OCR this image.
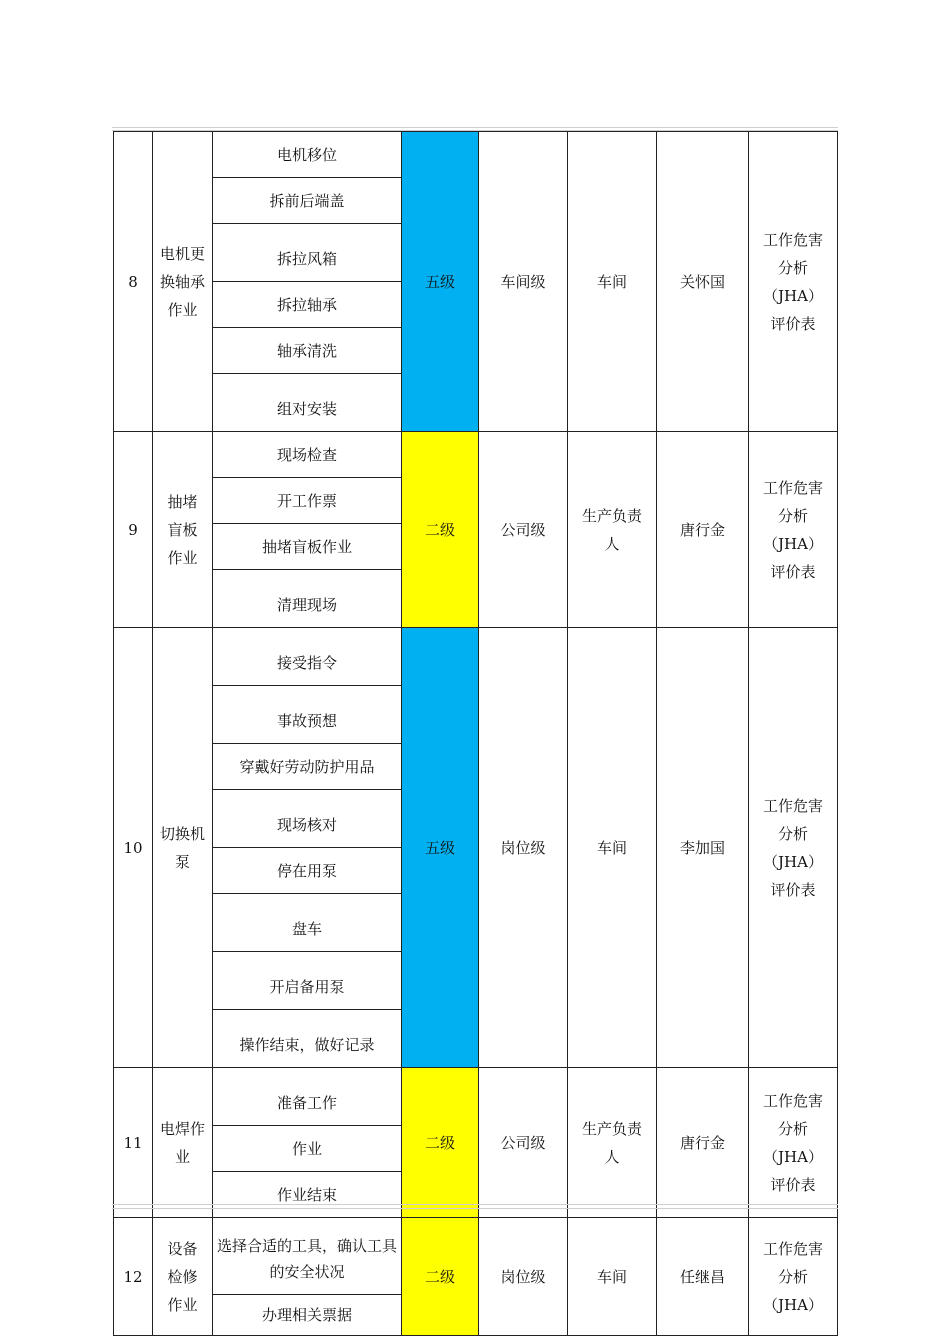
8	电机更
换轴承
作业	电机移位	五级	车间级	车间	关怀国	工作危害
分析
（JHA）
评价表
		拆前后端盖					
		拆拉风箱					
		拆拉轴承					
		轴承清洗					
		组对安装					
9	抽堵
盲板
作业	现场检查	二级	公司级	生产负责
人	唐行金	工作危害
分析
（JHA）
评价表
		开工作票					
		抽堵盲板作业					
		清理现场					
10	切换机
泵	接受指令	五级	岗位级	车间	李加国	工作危害
分析
（JHA）
评价表
		事故预想					
		穿戴好劳动防护用品					
		现场核对					
		停在用泵					
		盘车					
		开启备用泵					
		操作结束，做好记录					
11	电焊作
业	准备工作	二级	公司级	生产负责
人	唐行金	工作危害
分析
（JHA）
评价表
		作业					
		作业结束					
12	设备
检修
作业	选择合适的工具，确认工具的安全状况	二级	岗位级	车间	任继昌	工作危害
分析
（JHA）
		办理相关票据					
